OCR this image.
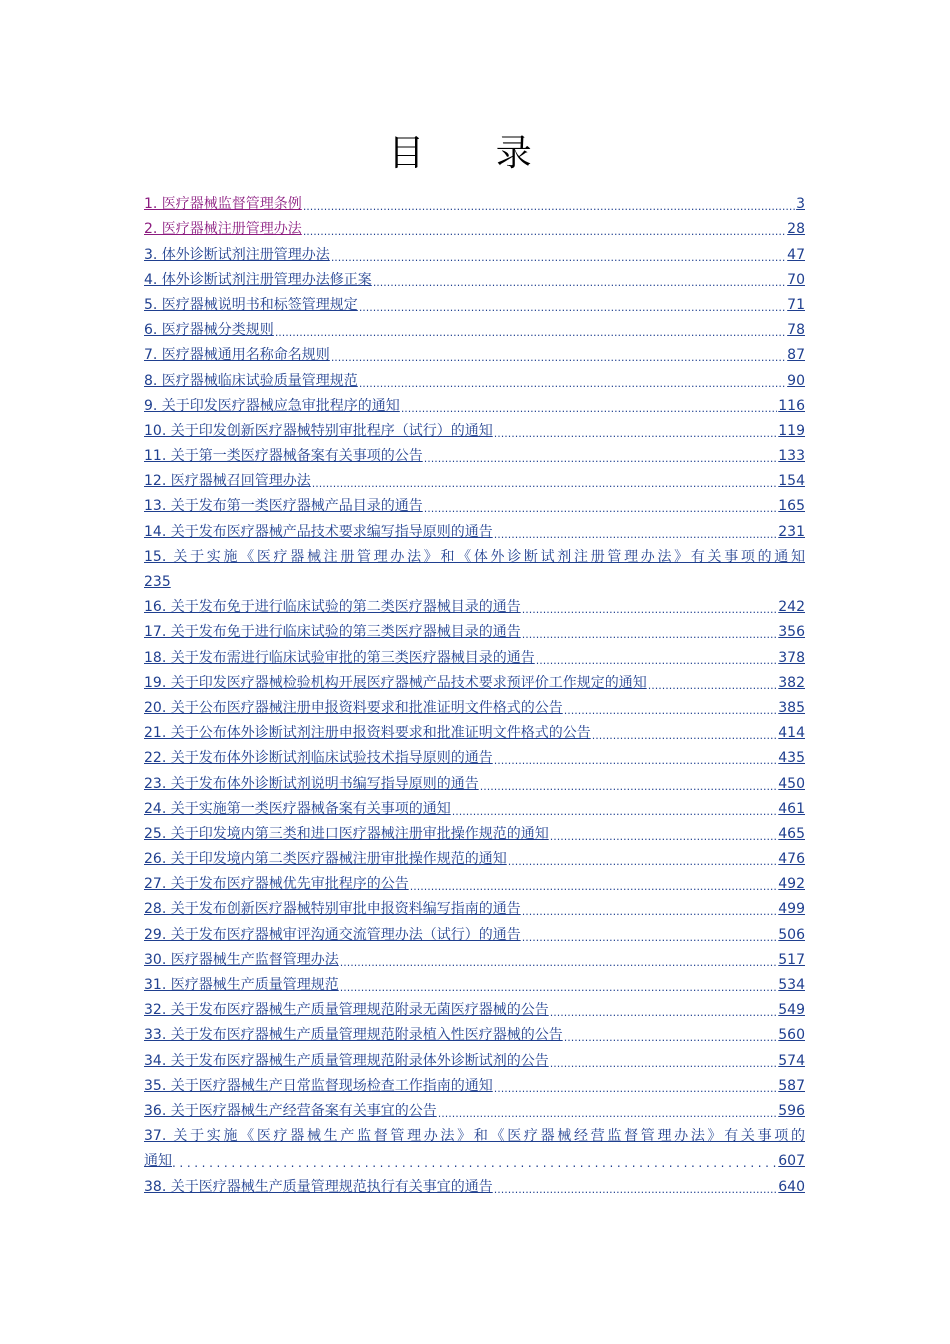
目 录
1. 医疗器械监督管理条例 .....	3
2. 医疗器械注册管理办法 .....	28
3. 体外诊断试剂注册管理办法 .....	47
4. 体外诊断试剂注册管理办法修正案 .....	70
5. 医疗器械说明书和标签管理规定 .....	71
6. 医疗器械分类规则 .....	78
7. 医疗器械通用名称命名规则 .....	87
8. 医疗器械临床试验质量管理规范 .....	90
9. 关于印发医疗器械应急审批程序的通知 .....	116
10. 关于印发创新医疗器械特别审批程序（试行）的通知 .....	119
11. 关于第一类医疗器械备案有关事项的公告 .....	133
12. 医疗器械召回管理办法 .....	154
13. 关于发布第一类医疗器械产品目录的通告 .....	165
14. 关于发布医疗器械产品技术要求编写指导原则的通告 .....	231
15. 关于实施《医疗器械注册管理办法》和《体外诊断试剂注册管理办法》有关事项的通知
235
16. 关于发布免于进行临床试验的第二类医疗器械目录的通告 .....	242
17. 关于发布免于进行临床试验的第三类医疗器械目录的通告 .....	356
18. 关于发布需进行临床试验审批的第三类医疗器械目录的通告 .....	378
19. 关于印发医疗器械检验机构开展医疗器械产品技术要求预评价工作规定的通知 .....	382
20. 关于公布医疗器械注册申报资料要求和批准证明文件格式的公告 .....	385
21. 关于公布体外诊断试剂注册申报资料要求和批准证明文件格式的公告 .....	414
22. 关于发布体外诊断试剂临床试验技术指导原则的通告 .....	435
23. 关于发布体外诊断试剂说明书编写指导原则的通告 .....	450
24. 关于实施第一类医疗器械备案有关事项的通知 .....	461
25. 关于印发境内第三类和进口医疗器械注册审批操作规范的通知 .....	465
26. 关于印发境内第二类医疗器械注册审批操作规范的通知 .....	476
27. 关于发布医疗器械优先审批程序的公告 .....	492
28. 关于发布创新医疗器械特别审批申报资料编写指南的通告 .....	499
29. 关于发布医疗器械审评沟通交流管理办法（试行）的通告 .....	506
30. 医疗器械生产监督管理办法 .....	517
31. 医疗器械生产质量管理规范 .....	534
32. 关于发布医疗器械生产质量管理规范附录无菌医疗器械的公告 .....	549
33. 关于发布医疗器械生产质量管理规范附录植入性医疗器械的公告 .....	560
34. 关于发布医疗器械生产质量管理规范附录体外诊断试剂的公告 .....	574
35. 关于医疗器械生产日常监督现场检查工作指南的通知 .....	587
36. 关于医疗器械生产经营备案有关事宜的公告 .....	596
37. 关于实施《医疗器械生产监督管理办法》和《医疗器械经营监督管理办法》有关事项的
通知 .....	607
38. 关于医疗器械生产质量管理规范执行有关事宜的通告 .....	640
